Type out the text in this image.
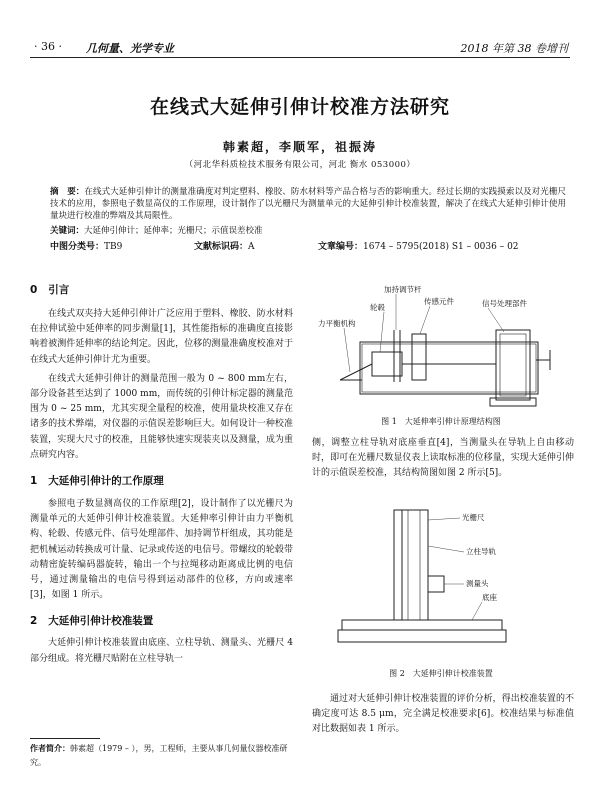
· 36 · 几何量、光学专业	2018 年第 38 卷增刊
在线式大延伸引伸计校准方法研究
韩素超，李顺军，祖振涛
（河北华科质检技术服务有限公司，河北 衡水 053000）
摘　要：在线式大延伸引伸计的测量准确度对判定塑料、橡胶、防水材料等产品合格与否的影响重大。经过长期的实践摸索以及对光栅尺技术的应用，参照电子数显高仪的工作原理，设计制作了以光栅尺为测量单元的大延伸引伸计校准装置，解决了在线式大延伸引伸计使用量块进行校准的弊端及其局限性。
关键词：大延伸引伸计；延伸率；光栅尺；示值误差校准
中图分类号：TB9	文献标识码：A	文章编号：1674 – 5795(2018) S1 – 0036 – 02
0 引言

在线式双夹持大延伸引伸计广泛应用于塑料、橡胶、防水材料在拉伸试验中延伸率的同步测量[1]，其性能指标的准确度直接影响着被测件延伸率的结论判定。因此，位移的测量准确度校准对于在线式大延伸引伸计尤为重要。

在线式大延伸引伸计的测量范围一般为 0 ~ 800 mm左右，部分设备甚至达到了 1000 mm，而传统的引伸计标定器的测量范围为 0 ~ 25 mm，尤其实现全量程的校准，使用量块校准又存在诸多的技术弊端，对仪器的示值误差影响巨大。如何设计一种校准装置，实现大尺寸的校准，且能够快速实现装夹以及测量，成为重点研究内容。

1 大延伸引伸计的工作原理

参照电子数显测高仪的工作原理[2]，设计制作了以光栅尺为测量单元的大延伸引伸计校准装置。大延伸率引伸计由力平衡机构、轮毂、传感元件、信号处理部件、加持调节杆组成，其功能是把机械运动转换成可计量、记录或传送的电信号。带螺纹的轮毂带动精密旋转编码器旋转，输出一个与拉绳移动距离成比例的电信号，通过测量输出的电信号得到运动部件的位移，方向或速率[3]，如图 1 所示。

2 大延伸引伸计校准装置

大延伸引伸计校准装置由底座、立柱导轨、测量头、光栅尺 4 部分组成。将光栅尺贴附在立柱导轨一

作者简介：韩素超（1979 – ），男，工程师，主要从事几何量仪器校准研究。
加持调节杆
轮毂
传感元件	信号处理部件
力平衡机构
图 1　大延伸率引伸计原理结构图
侧，调整立柱导轨对底座垂直[4]，当测量头在导轨上自由移动时，即可在光栅尺数显仪表上读取标准的位移量，实现大延伸引伸计的示值误差校准，其结构简图如图 2 所示[5]。
光栅尺
立柱导轨
测量头
底座
图 2　大延伸引伸计校准装置

通过对大延伸引伸计校准装置的评价分析，得出校准装置的不确定度可达 8.5 μm，完全满足校准要求[6]。校准结果与标准值对比数据如表 1 所示。
